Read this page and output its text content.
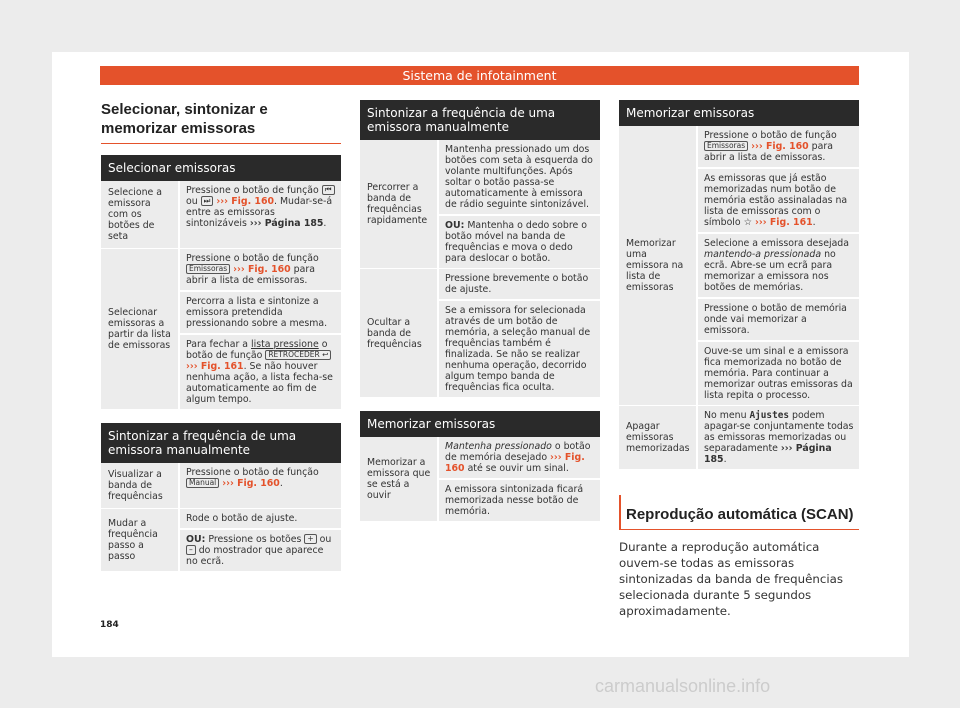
Sistema de infotainment
Selecionar, sintonizar e memorizar emissoras
Selecionar emissoras
Selecione a emissora com os botões de seta
Pressione o botão de função ⏮ ou ⏭ ››› Fig. 160. Mudar-se-á entre as emissoras sintonizáveis ››› Página 185.
Selecionar emissoras a partir da lista de emissoras
Pressione o botão de função Emissoras ››› Fig. 160 para abrir a lista de emissoras.
Percorra a lista e sintonize a emissora pretendida pressionando sobre a mesma.
Para fechar a lista pressione o botão de função RETROCEDER ↩ ››› Fig. 161. Se não houver nenhuma ação, a lista fecha-se automaticamente ao fim de algum tempo.
Sintonizar a frequência de uma emissora manualmente
Visualizar a banda de frequências
Pressione o botão de função Manual ››› Fig. 160.
Mudar a frequência passo a passo
Rode o botão de ajuste.
OU: Pressione os botões + ou – do mostrador que aparece no ecrã.
Sintonizar a frequência de uma emissora manualmente
Percorrer a banda de frequências rapidamente
Mantenha pressionado um dos botões com seta à esquerda do volante multifunções. Após soltar o botão passa-se automaticamente à emissora de rádio seguinte sintonizável.
OU: Mantenha o dedo sobre o botão móvel na banda de frequências e mova o dedo para deslocar o botão.
Ocultar a banda de frequências
Pressione brevemente o botão de ajuste.
Se a emissora for selecionada através de um botão de memória, a seleção manual de frequências também é finalizada. Se não se realizar nenhuma operação, decorrido algum tempo banda de frequências fica oculta.
Memorizar emissoras
Memorizar a emissora que se está a ouvir
Mantenha pressionado o botão de memória desejado ››› Fig. 160 até se ouvir um sinal.
A emissora sintonizada ficará memorizada nesse botão de memória.
Memorizar emissoras
Memorizar uma emissora na lista de emissoras
Pressione o botão de função Emissoras ››› Fig. 160 para abrir a lista de emissoras.
As emissoras que já estão memorizadas num botão de memória estão assinaladas na lista de emissoras com o símbolo ☆ ››› Fig. 161.
Selecione a emissora desejada mantendo-a pressionada no ecrã. Abre-se um ecrã para memorizar a emissora nos botões de memórias.
Pressione o botão de memória onde vai memorizar a emissora.
Ouve-se um sinal e a emissora fica memorizada no botão de memória. Para continuar a memorizar outras emissoras da lista repita o processo.
Apagar emissoras memorizadas
No menu Ajustes podem apagar-se conjuntamente todas as emissoras memorizadas ou separadamente ››› Página 185.
Reprodução automática (SCAN)
Durante a reprodução automática ouvem-se todas as emissoras sintonizadas da banda de frequências selecionada durante 5 segundos aproximadamente.
184
carmanualsonline.info
